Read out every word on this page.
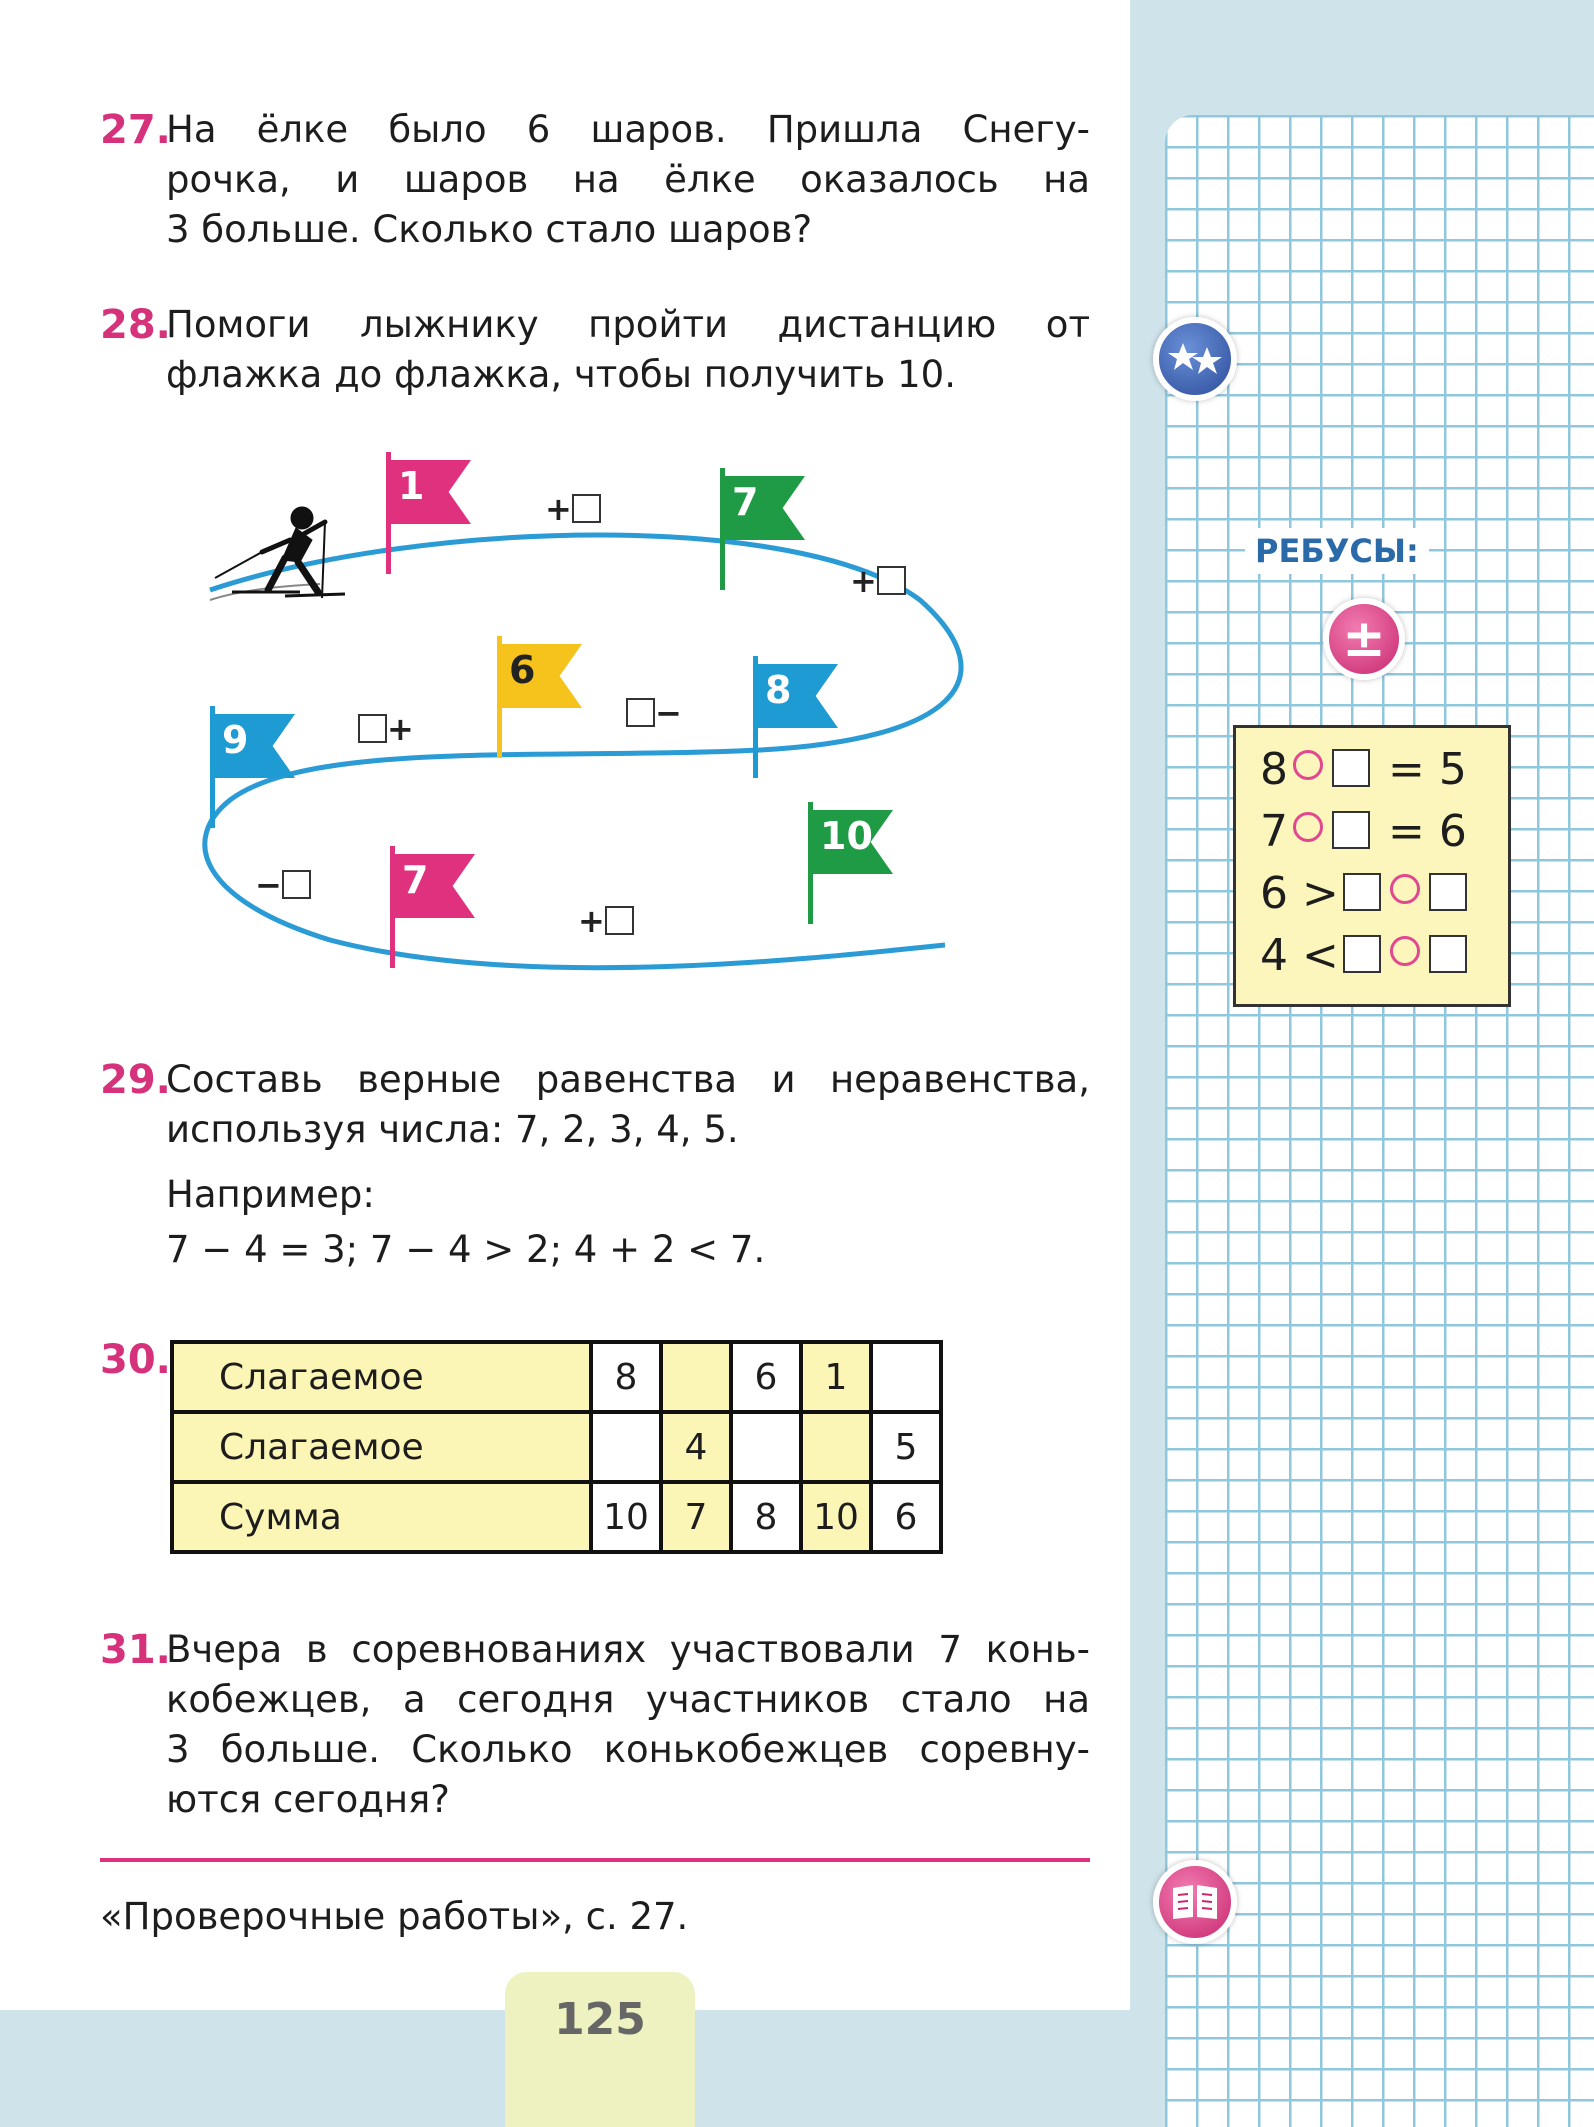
27.
На ёлке было 6 шаров. Пришла Снегу-
рочка, и шаров на ёлке оказалось на
3 больше. Сколько стало шаров?
28.
Помоги лыжнику пройти дистанцию от
флажка до флажка, чтобы получить 10.
1	7
6	8
9
7
10
+
+
+	−
−
+
29.
Составь верные равенства и неравенства,
используя числа: 7, 2, 3, 4, 5.
Например:
7 − 4 = 3; 7 − 4 > 2; 4 + 2 < 7.
30. Слагаемое	8		6	1	
Слагаемое		4			5
Сумма	10	7	8	10	6
31.
Вчера в соревнованиях участвовали 7 конь-
кобежцев, а сегодня участников стало на
3 больше. Сколько конькобежцев соревну-
ются сегодня?
«Проверочные работы», с. 27.
125
РЕБУСЫ:
±
8 = 5
7 = 6
6 >
4 <
